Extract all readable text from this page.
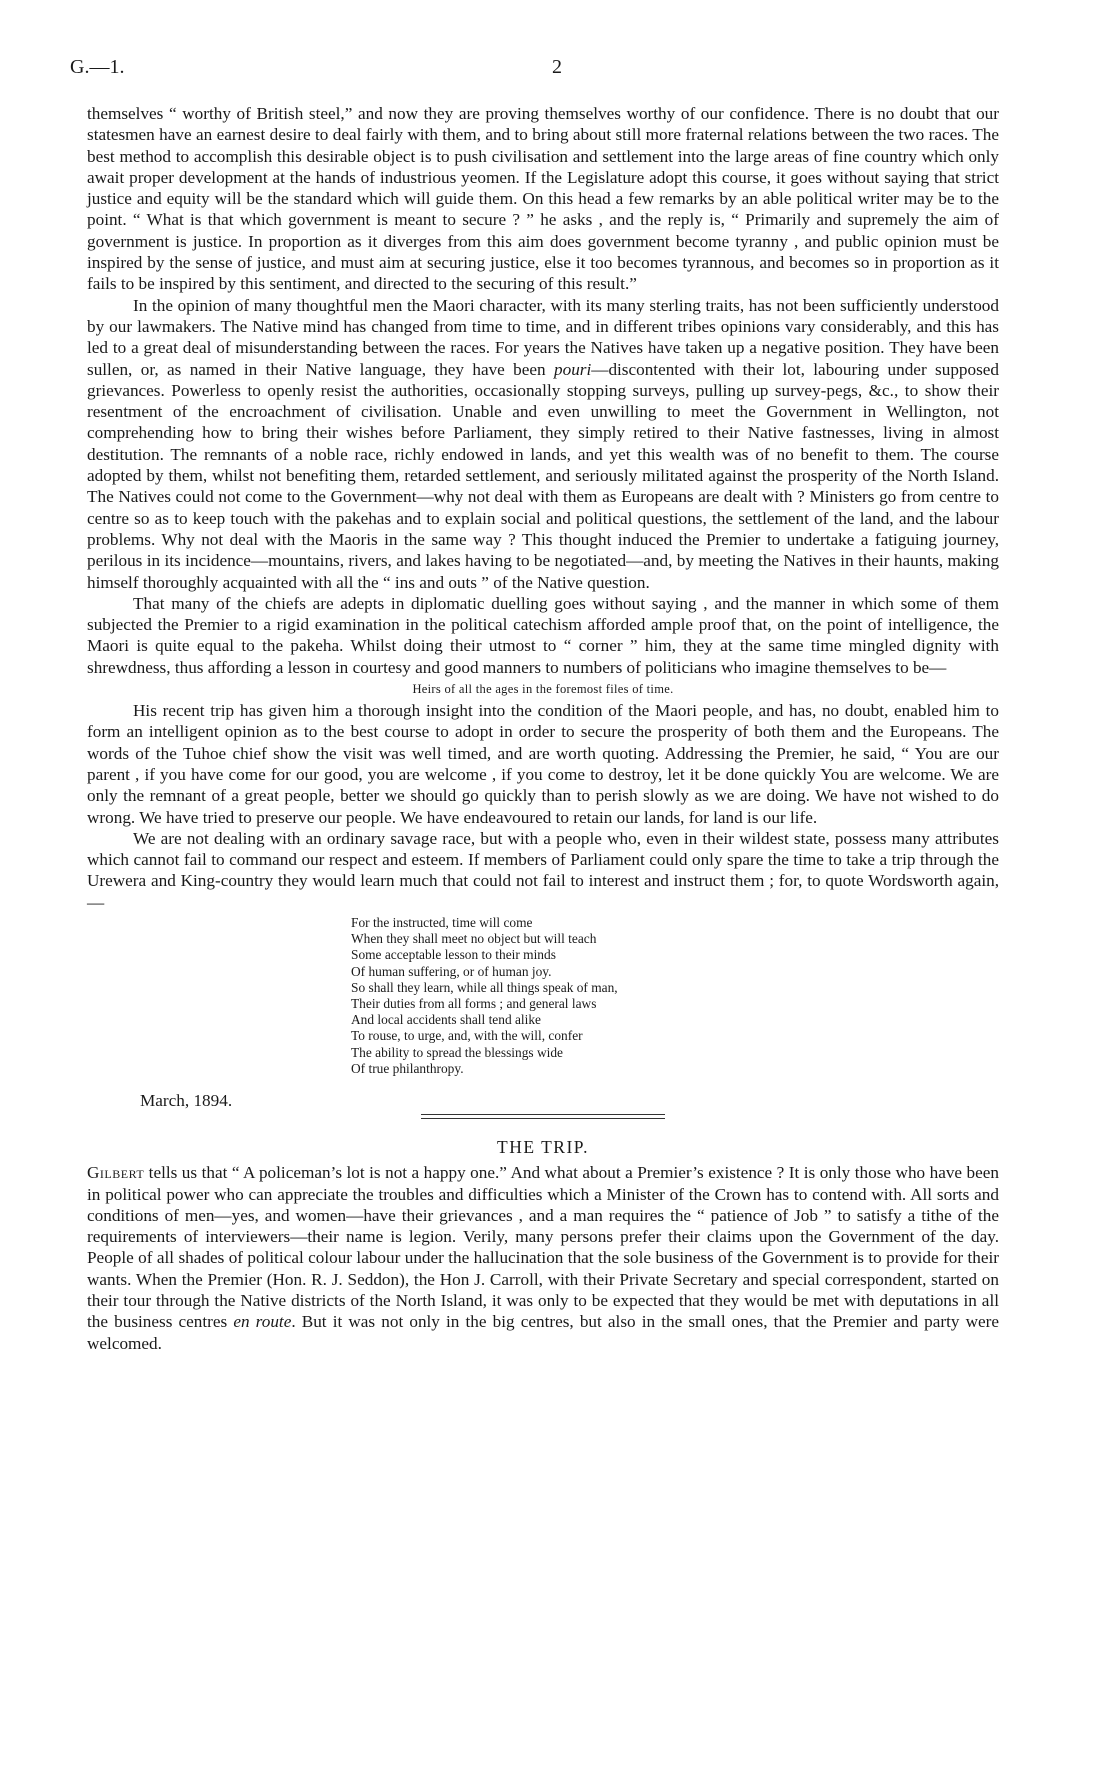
G.—1.	2

themselves “ worthy of British steel,” and now they are proving themselves worthy of our confidence. There is no doubt that our statesmen have an earnest desire to deal fairly with them, and to bring about still more fraternal relations between the two races. The best method to accomplish this desirable object is to push civilisation and settlement into the large areas of fine country which only await proper development at the hands of industrious yeomen. If the Legislature adopt this course, it goes without saying that strict justice and equity will be the standard which will guide them. On this head a few remarks by an able political writer may be to the point. “ What is that which government is meant to secure ? ” he asks , and the reply is, “ Primarily and supremely the aim of government is justice. In proportion as it diverges from this aim does government become tyranny , and public opinion must be inspired by the sense of justice, and must aim at securing justice, else it too becomes tyrannous, and becomes so in proportion as it fails to be inspired by this sentiment, and directed to the securing of this result.”

In the opinion of many thoughtful men the Maori character, with its many sterling traits, has not been sufficiently understood by our lawmakers. The Native mind has changed from time to time, and in different tribes opinions vary considerably, and this has led to a great deal of misunderstanding between the races. For years the Natives have taken up a negative position. They have been sullen, or, as named in their Native language, they have been pouri—discontented with their lot, labouring under supposed grievances. Powerless to openly resist the authorities, occasionally stopping surveys, pulling up survey-pegs, &c., to show their resentment of the encroachment of civilisation. Unable and even unwilling to meet the Government in Wellington, not comprehending how to bring their wishes before Parliament, they simply retired to their Native fastnesses, living in almost destitution. The remnants of a noble race, richly endowed in lands, and yet this wealth was of no benefit to them. The course adopted by them, whilst not benefiting them, retarded settlement, and seriously militated against the prosperity of the North Island. The Natives could not come to the Government—why not deal with them as Europeans are dealt with ? Ministers go from centre to centre so as to keep touch with the pakehas and to explain social and political questions, the settlement of the land, and the labour problems. Why not deal with the Maoris in the same way ? This thought induced the Premier to undertake a fatiguing journey, perilous in its incidence—mountains, rivers, and lakes having to be negotiated—and, by meeting the Natives in their haunts, making himself thoroughly acquainted with all the “ ins and outs ” of the Native question.

That many of the chiefs are adepts in diplomatic duelling goes without saying , and the manner in which some of them subjected the Premier to a rigid examination in the political catechism afforded ample proof that, on the point of intelligence, the Maori is quite equal to the pakeha. Whilst doing their utmost to “ corner ” him, they at the same time mingled dignity with shrewdness, thus affording a lesson in courtesy and good manners to numbers of politicians who imagine themselves to be—

Heirs of all the ages in the foremost files of time.

His recent trip has given him a thorough insight into the condition of the Maori people, and has, no doubt, enabled him to form an intelligent opinion as to the best course to adopt in order to secure the prosperity of both them and the Europeans. The words of the Tuhoe chief show the visit was well timed, and are worth quoting. Addressing the Premier, he said, “ You are our parent , if you have come for our good, you are welcome , if you come to destroy, let it be done quickly You are welcome. We are only the remnant of a great people, better we should go quickly than to perish slowly as we are doing. We have not wished to do wrong. We have tried to preserve our people. We have endeavoured to retain our lands, for land is our life.

We are not dealing with an ordinary savage race, but with a people who, even in their wildest state, possess many attributes which cannot fail to command our respect and esteem. If members of Parliament could only spare the time to take a trip through the Urewera and King-country they would learn much that could not fail to interest and instruct them ; for, to quote Wordsworth again,—

For the instructed, time will come
When they shall meet no object but will teach
Some acceptable lesson to their minds
Of human suffering, or of human joy.
So shall they learn, while all things speak of man,
Their duties from all forms ; and general laws
And local accidents shall tend alike
To rouse, to urge, and, with the will, confer
The ability to spread the blessings wide
Of true philanthropy.
March, 1894.
THE TRIP.

Gilbert tells us that “ A policeman’s lot is not a happy one.” And what about a Premier’s existence ? It is only those who have been in political power who can appreciate the troubles and difficulties which a Minister of the Crown has to contend with. All sorts and conditions of men—yes, and women—have their grievances , and a man requires the “ patience of Job ” to satisfy a tithe of the requirements of interviewers—their name is legion. Verily, many persons prefer their claims upon the Government of the day. People of all shades of political colour labour under the hallucination that the sole business of the Government is to provide for their wants. When the Premier (Hon. R. J. Seddon), the Hon J. Carroll, with their Private Secretary and special correspondent, started on their tour through the Native districts of the North Island, it was only to be expected that they would be met with deputations in all the business centres en route. But it was not only in the big centres, but also in the small ones, that the Premier and party were welcomed.
